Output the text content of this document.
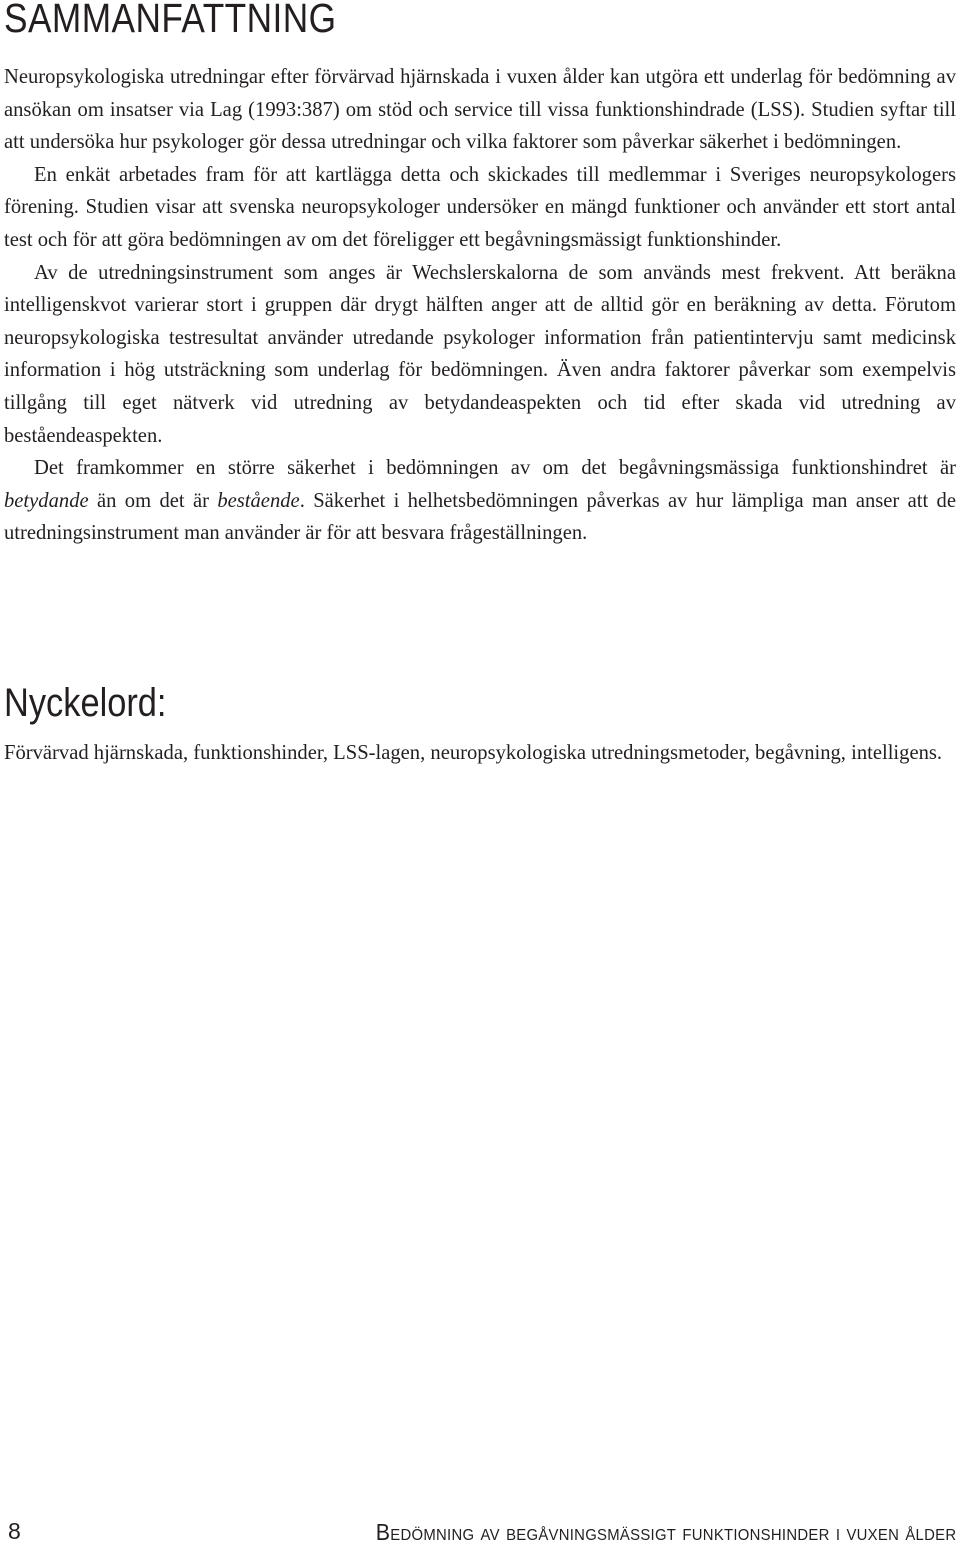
SAMMANFATTNING

Neuropsykologiska utredningar efter förvärvad hjärnskada i vuxen ålder kan utgöra ett underlag för bedömning av ansökan om insatser via Lag (1993:387) om stöd och service till vissa funktionshindrade (LSS). Studien syftar till att undersöka hur psykologer gör dessa utredningar och vilka faktorer som påverkar säkerhet i bedömningen.

En enkät arbetades fram för att kartlägga detta och skickades till medlemmar i Sveriges neuropsykologers förening. Studien visar att svenska neuropsykologer undersöker en mängd funktioner och använder ett stort antal test och för att göra bedömningen av om det föreligger ett begåvningsmässigt funktionshinder.

Av de utredningsinstrument som anges är Wechslerskalorna de som används mest frekvent. Att beräkna intelligenskvot varierar stort i gruppen där drygt hälften anger att de alltid gör en beräkning av detta. Förutom neuropsykologiska testresultat använder utredande psykologer information från patientintervju samt medicinsk information i hög utsträckning som underlag för bedömningen. Även andra faktorer påverkar som exempelvis tillgång till eget nätverk vid utredning av betydandeaspekten och tid efter skada vid utredning av beståendeaspekten.

Det framkommer en större säkerhet i bedömningen av om det begåvningsmässiga funktionshindret är betydande än om det är bestående. Säkerhet i helhetsbedömningen påverkas av hur lämpliga man anser att de utredningsinstrument man använder är för att besvara frågeställningen.

Nyckelord:

Förvärvad hjärnskada, funktionshinder, LSS-lagen, neuropsykologiska utredningsmetoder, begåvning, intelligens.

8	Bedömning av begåvningsmässigt funktionshinder i vuxen ålder
